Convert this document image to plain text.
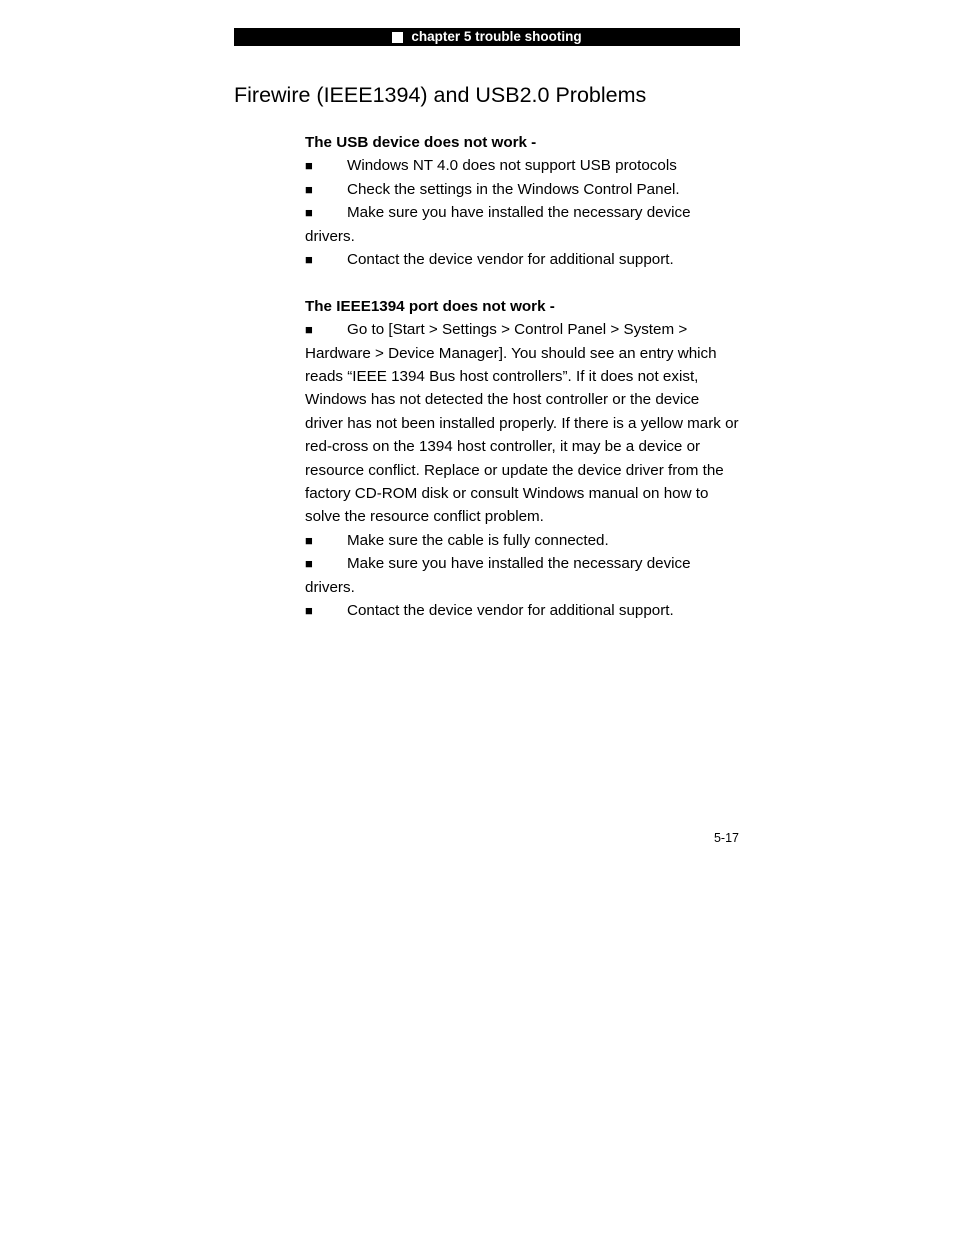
chapter 5 trouble shooting
Firewire (IEEE1394) and USB2.0 Problems

The USB device does not work -

■ Windows NT 4.0 does not support USB protocols

■ Check the settings in the Windows Control Panel.

■ Make sure you have installed the necessary device drivers.

■ Contact the device vendor for additional support.

The IEEE1394 port does not work -

■ Go to [Start > Settings > Control Panel > System > Hardware > Device Manager]. You should see an entry which reads “IEEE 1394 Bus host controllers”. If it does not exist, Windows has not detected the host controller or the device driver has not been installed properly. If there is a yellow mark or red-cross on the 1394 host controller, it may be a device or resource conflict. Replace or update the device driver from the factory CD-ROM disk or consult Windows manual on how to solve the resource conflict problem.

■ Make sure the cable is fully connected.

■ Make sure you have installed the necessary device drivers.

■ Contact the device vendor for additional support.

5-17
